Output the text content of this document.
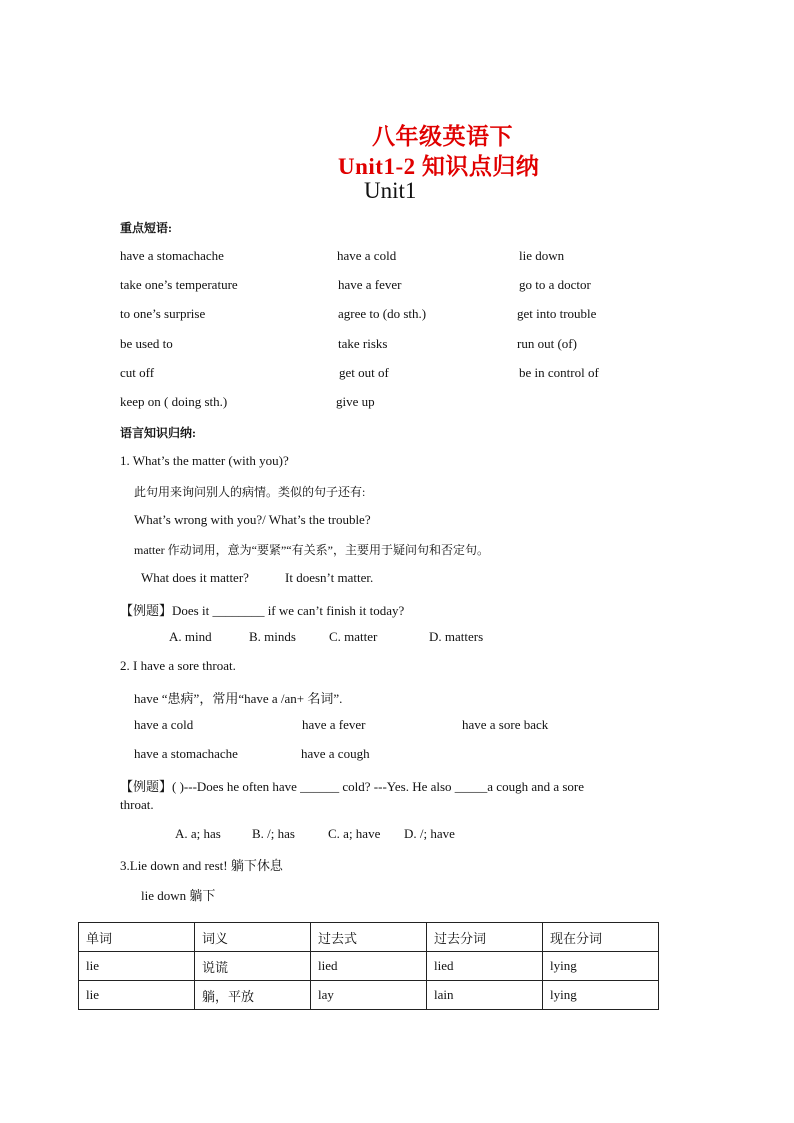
八年级英语下
Unit1-2 知识点归纳
Unit1
重点短语:
have a stomachache	have a cold	lie down
take one’s temperature	have a fever	go to a doctor
to one’s surprise	agree to (do sth.)	get into trouble
be used to	take risks	run out (of)
cut off	get out of	be in control of
keep on ( doing sth.)	give up
语言知识归纳:
1. What’s the matter (with you)?
此句用来询问别人的病情。类似的句子还有:
What’s wrong with you?/ What’s the trouble?
matter 作动词用，意为“要紧”“有关系”，主要用于疑问句和否定句。
What does it matter?	It doesn’t matter.
【例题】Does it ________ if we can’t finish it today?
A. mind	B. minds	C. matter	D. matters
2. I have a sore throat.
have “患病”，常用“have a /an+ 名词”.
have a cold	have a fever	have a sore back
have a stomachache	have a cough
【例题】( )---Does he often have ______ cold? ---Yes. He also _____a cough and a sore
throat.
A. a; has B. /; has	C. a; have D. /; have
3.Lie down and rest! 躺下休息
lie down 躺下
单词	词义	过去式	过去分词	现在分词
lie	说谎	lied	lied	lying
lie	躺，平放	lay	lain	lying
